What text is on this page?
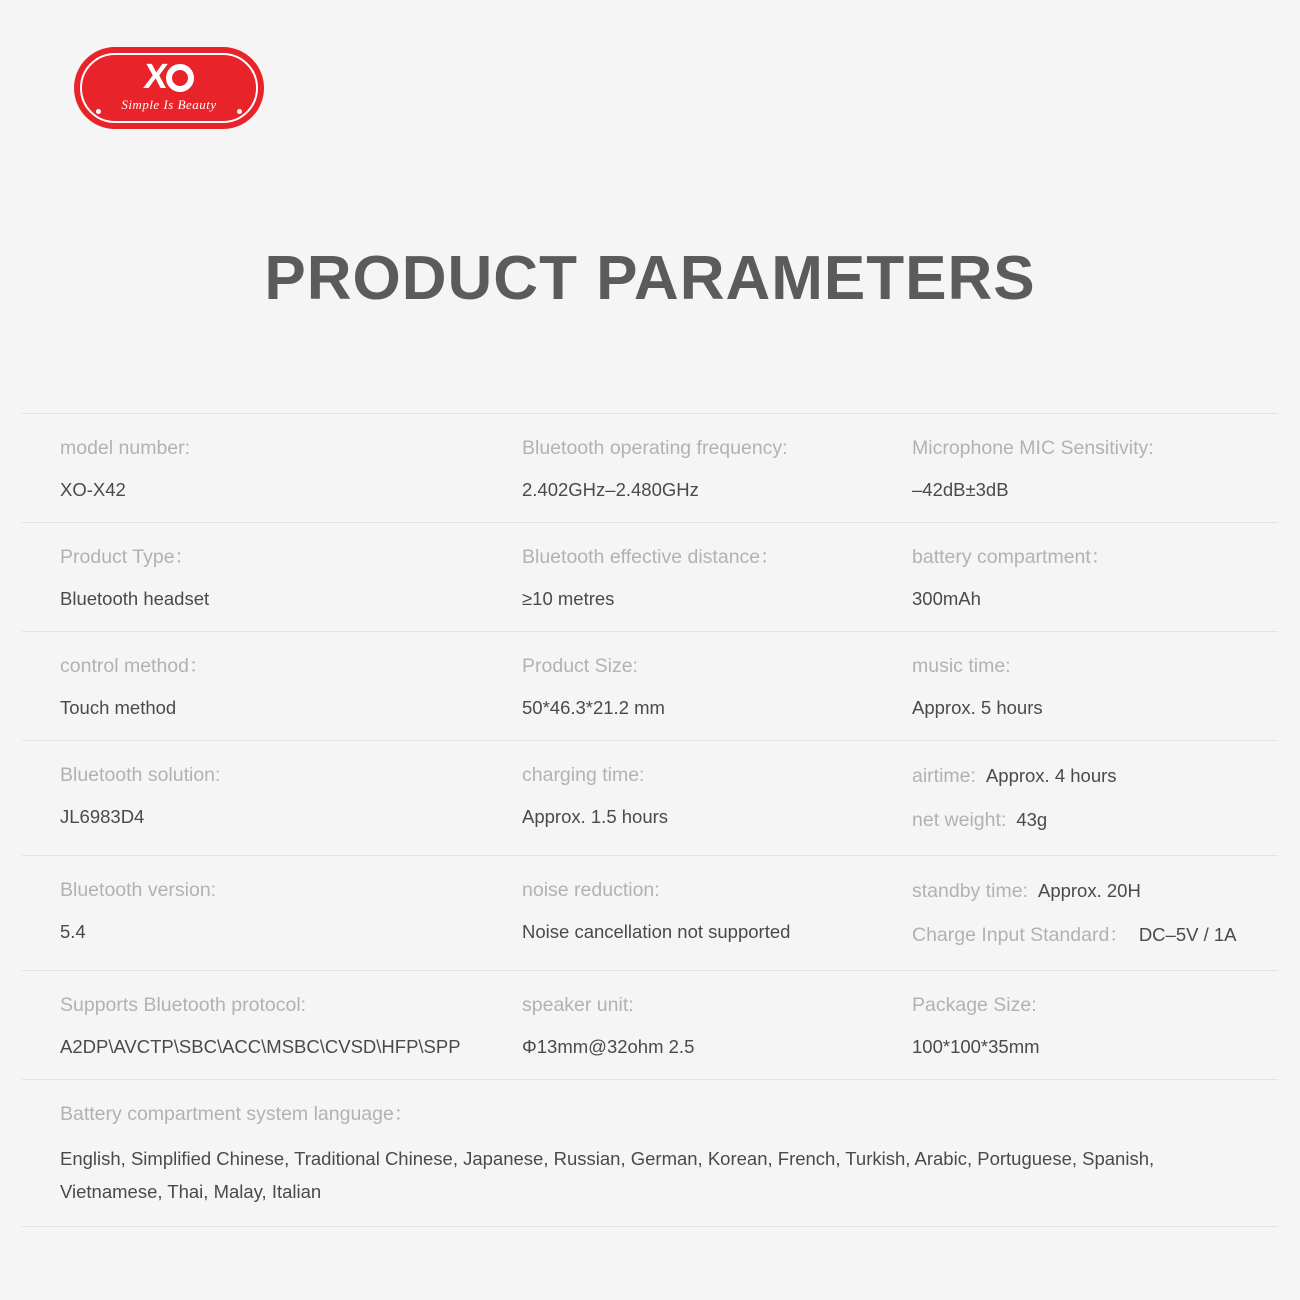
X
Simple Is Beauty
PRODUCT PARAMETERS
model number:
XO-X42
Bluetooth operating frequency:
2.402GHz–2.480GHz
Microphone MIC Sensitivity:
–42dB±3dB
Product Type：
Bluetooth headset
Bluetooth effective distance：
≥10 metres
battery compartment：
300mAh
control method：
Touch method
Product Size:
50*46.3*21.2 mm
music time:
Approx. 5 hours
Bluetooth solution:
JL6983D4
charging time:
Approx. 1.5 hours
airtime: Approx. 4 hours
net weight: 43g
Bluetooth version:
5.4
noise reduction:
Noise cancellation not supported
standby time: Approx. 20H
Charge Input Standard： DC–5V / 1A
Supports Bluetooth protocol:
A2DP\AVCTP\SBC\ACC\MSBC\CVSD\HFP\SPP
speaker unit:
Φ13mm@32ohm 2.5
Package Size:
100*100*35mm
Battery compartment system language：
English, Simplified Chinese, Traditional Chinese, Japanese, Russian, German, Korean, French, Turkish, Arabic, Portuguese, Spanish, Vietnamese, Thai, Malay, Italian
